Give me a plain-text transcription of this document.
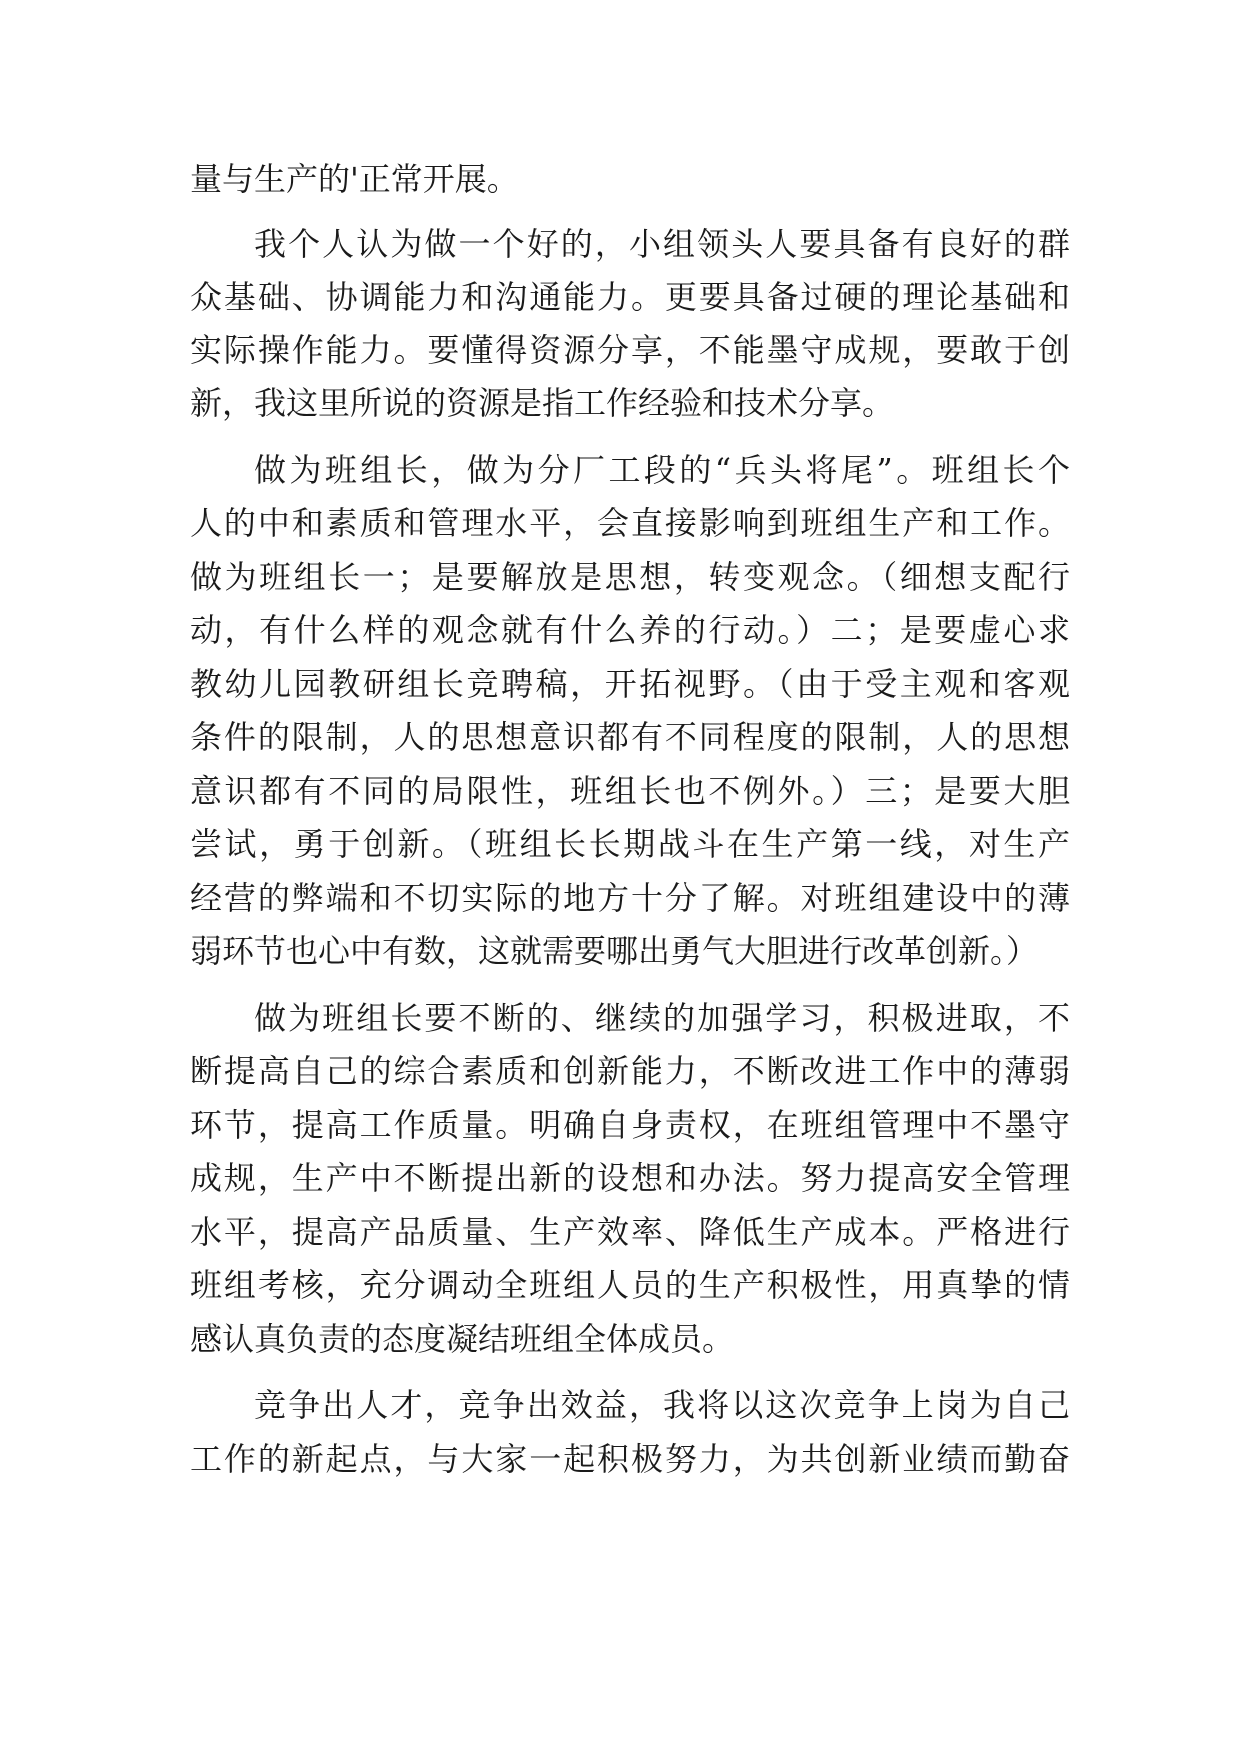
量与生产的'正常开展。
我个人认为做一个好的，小组领头人要具备有良好的群
众基础、协调能力和沟通能力。更要具备过硬的理论基础和
实际操作能力。要懂得资源分享，不能墨守成规，要敢于创
新，我这里所说的资源是指工作经验和技术分享。
做为班组长，做为分厂工段的“兵头将尾”。班组长个
人的中和素质和管理水平，会直接影响到班组生产和工作。
做为班组长一；是要解放是思想，转变观念。（细想支配行
动，有什么样的观念就有什么养的行动。）二；是要虚心求
教幼儿园教研组长竞聘稿，开拓视野。（由于受主观和客观
条件的限制，人的思想意识都有不同程度的限制，人的思想
意识都有不同的局限性，班组长也不例外。）三；是要大胆
尝试，勇于创新。（班组长长期战斗在生产第一线，对生产
经营的弊端和不切实际的地方十分了解。对班组建设中的薄
弱环节也心中有数，这就需要哪出勇气大胆进行改革创新。）
做为班组长要不断的、继续的加强学习，积极进取，不
断提高自己的综合素质和创新能力，不断改进工作中的薄弱
环节，提高工作质量。明确自身责权，在班组管理中不墨守
成规，生产中不断提出新的设想和办法。努力提高安全管理
水平，提高产品质量、生产效率、降低生产成本。严格进行
班组考核，充分调动全班组人员的生产积极性，用真挚的情
感认真负责的态度凝结班组全体成员。
竞争出人才，竞争出效益，我将以这次竞争上岗为自己
工作的新起点，与大家一起积极努力，为共创新业绩而勤奋
